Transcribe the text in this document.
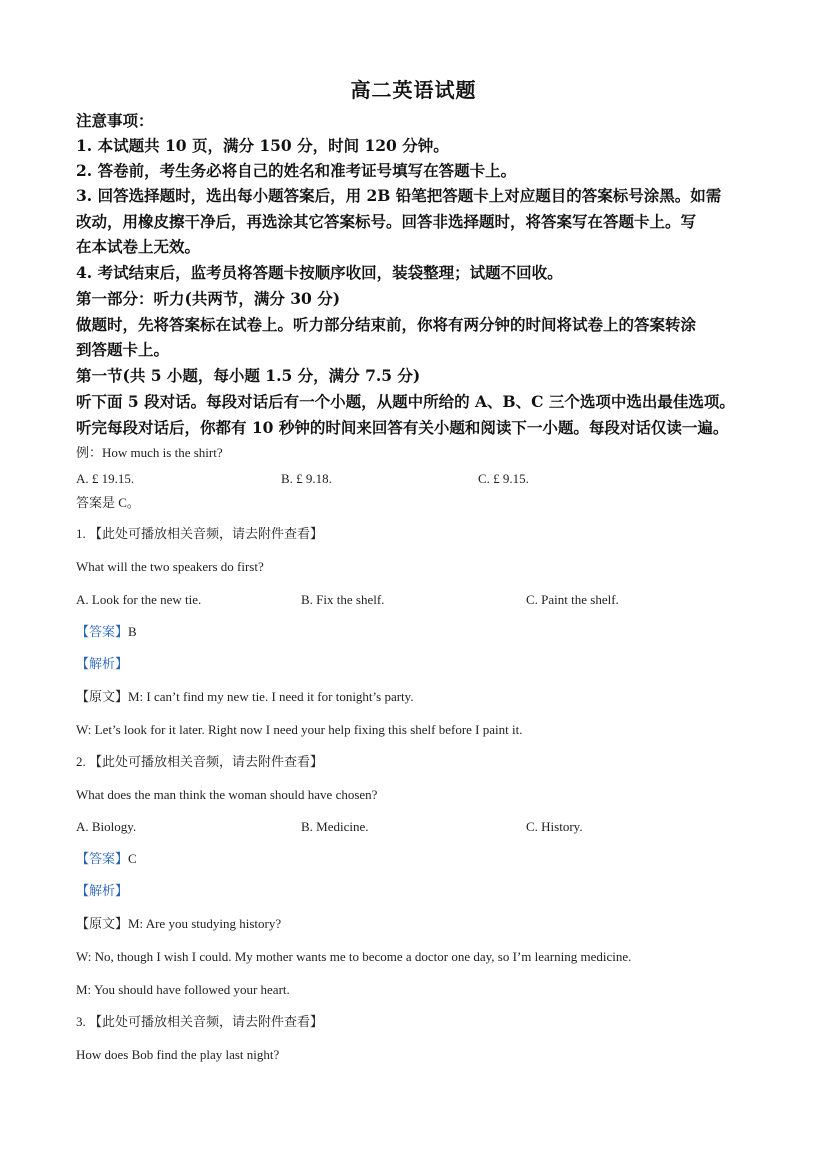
高二英语试题
注意事项：
1. 本试题共 10 页，满分 150 分，时间 120 分钟。
2. 答卷前，考生务必将自己的姓名和准考证号填写在答题卡上。
3. 回答选择题时，选出每小题答案后，用 2B 铅笔把答题卡上对应题目的答案标号涂黑。如需
改动，用橡皮擦干净后，再选涂其它答案标号。回答非选择题时，将答案写在答题卡上。写
在本试卷上无效。
4. 考试结束后，监考员将答题卡按顺序收回，装袋整理；试题不回收。
第一部分：听力(共两节，满分 30 分)
做题时，先将答案标在试卷上。听力部分结束前，你将有两分钟的时间将试卷上的答案转涂
到答题卡上。
第一节(共 5 小题，每小题 1.5 分，满分 7.5 分)
听下面 5 段对话。每段对话后有一个小题，从题中所给的 A、B、C 三个选项中选出最佳选项。
听完每段对话后，你都有 10 秒钟的时间来回答有关小题和阅读下一小题。每段对话仅读一遍。
例：How much is the shirt?
A. £ 19.15.	B. £ 9.18.	C. £ 9.15.
答案是 C。
1. 【此处可播放相关音频，请去附件查看】
What will the two speakers do first?
A. Look for the new tie.	B. Fix the shelf.	C. Paint the shelf.
【答案】B
【解析】
【原文】M: I can’t find my new tie. I need it for tonight’s party.
W: Let’s look for it later. Right now I need your help fixing this shelf before I paint it.
2. 【此处可播放相关音频，请去附件查看】
What does the man think the woman should have chosen?
A. Biology.	B. Medicine.	C. History.
【答案】C
【解析】
【原文】M: Are you studying history?
W: No, though I wish I could. My mother wants me to become a doctor one day, so I’m learning medicine.
M: You should have followed your heart.
3. 【此处可播放相关音频，请去附件查看】
How does Bob find the play last night?
